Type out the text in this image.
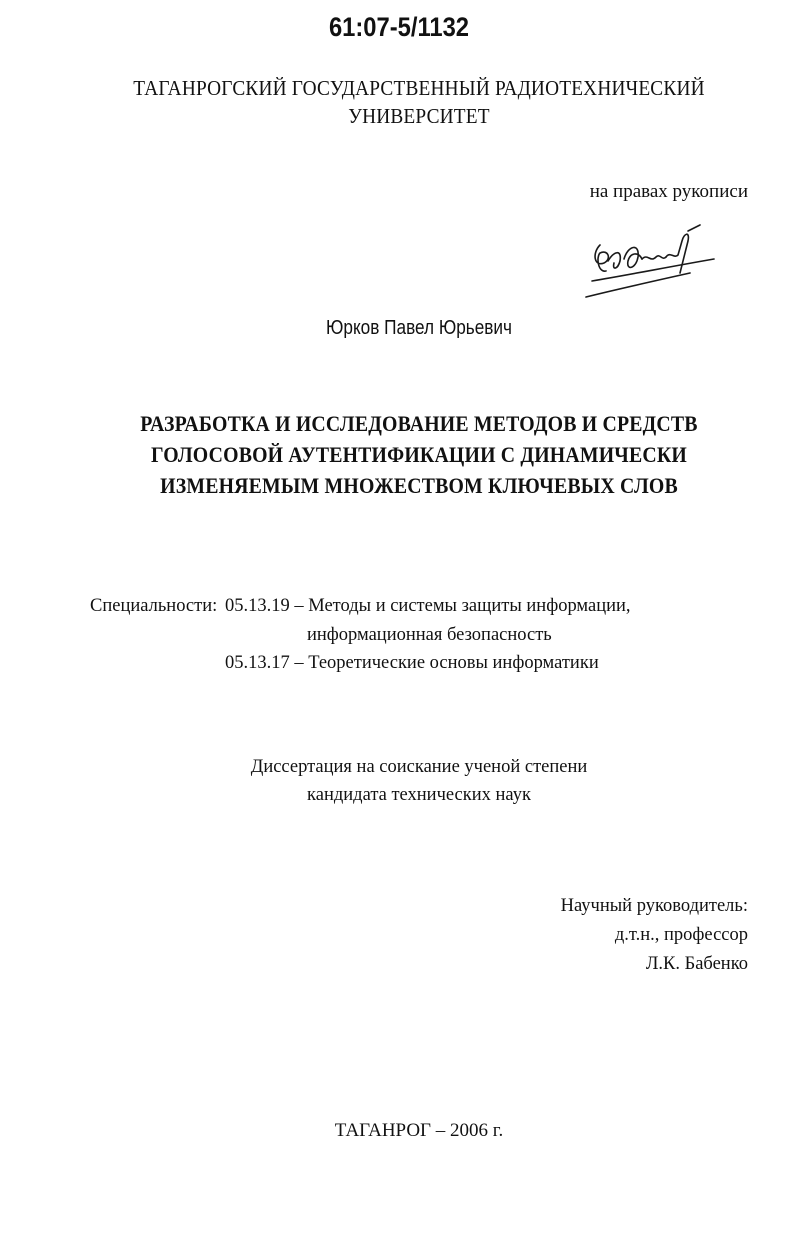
61:07-5/1132
ТАГАНРОГСКИЙ ГОСУДАРСТВЕННЫЙ РАДИОТЕХНИЧЕСКИЙ
УНИВЕРСИТЕТ
на правах рукописи
Юрков Павел Юрьевич
РАЗРАБОТКА И ИССЛЕДОВАНИЕ МЕТОДОВ И СРЕДСТВ
ГОЛОСОВОЙ АУТЕНТИФИКАЦИИ С ДИНАМИЧЕСКИ
ИЗМЕНЯЕМЫМ МНОЖЕСТВОМ КЛЮЧЕВЫХ СЛОВ
Специальности: 05.13.19 – Методы и системы защиты информации,
информационная безопасность
05.13.17 – Теоретические основы информатики
Диссертация на соискание ученой степени
кандидата технических наук
Научный руководитель:
д.т.н., профессор
Л.К. Бабенко
ТАГАНРОГ – 2006 г.
